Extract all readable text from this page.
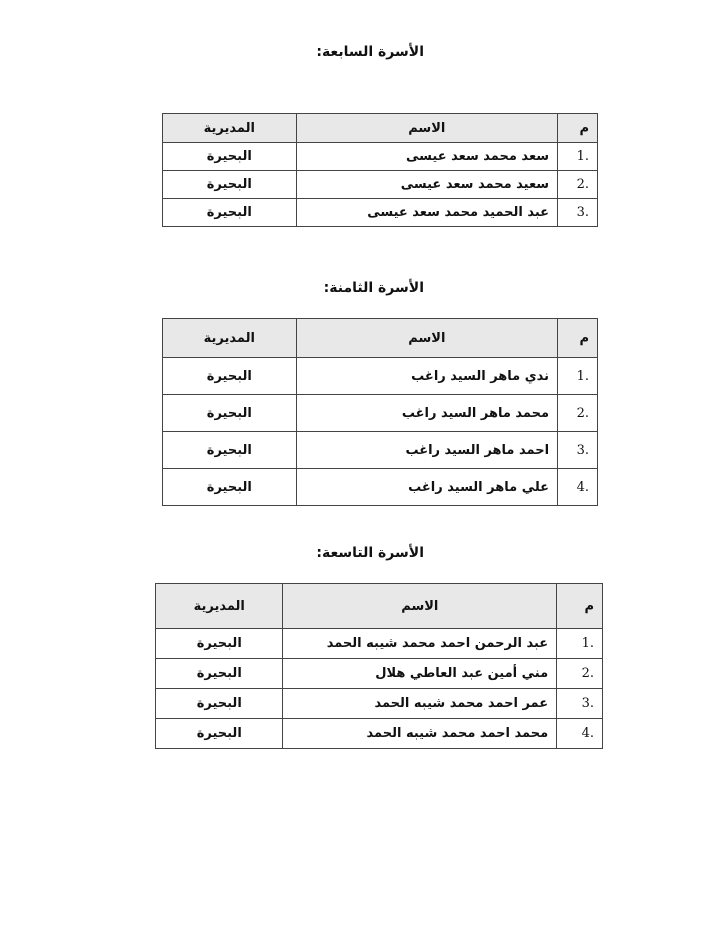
الأسرة السابعة:
م	الاسم	المديرية
1.	سعد محمد سعد عيسى	البحيرة
2.	سعيد محمد سعد عيسى	البحيرة
3.	عبد الحميد محمد سعد عيسى	البحيرة
الأسرة الثامنة:
م	الاسم	المديرية
1.	ندي ماهر السيد راغب	البحيرة
2.	محمد ماهر السيد راغب	البحيرة
3.	احمد ماهر السيد راغب	البحيرة
4.	علي ماهر السيد راغب	البحيرة
الأسرة التاسعة:
م	الاسم	المديرية
1.	عبد الرحمن احمد محمد شيبه الحمد	البحيرة
2.	مني أمين عبد العاطي هلال	البحيرة
3.	عمر احمد محمد شيبه الحمد	البحيرة
4.	محمد احمد محمد شيبه الحمد	البحيرة
